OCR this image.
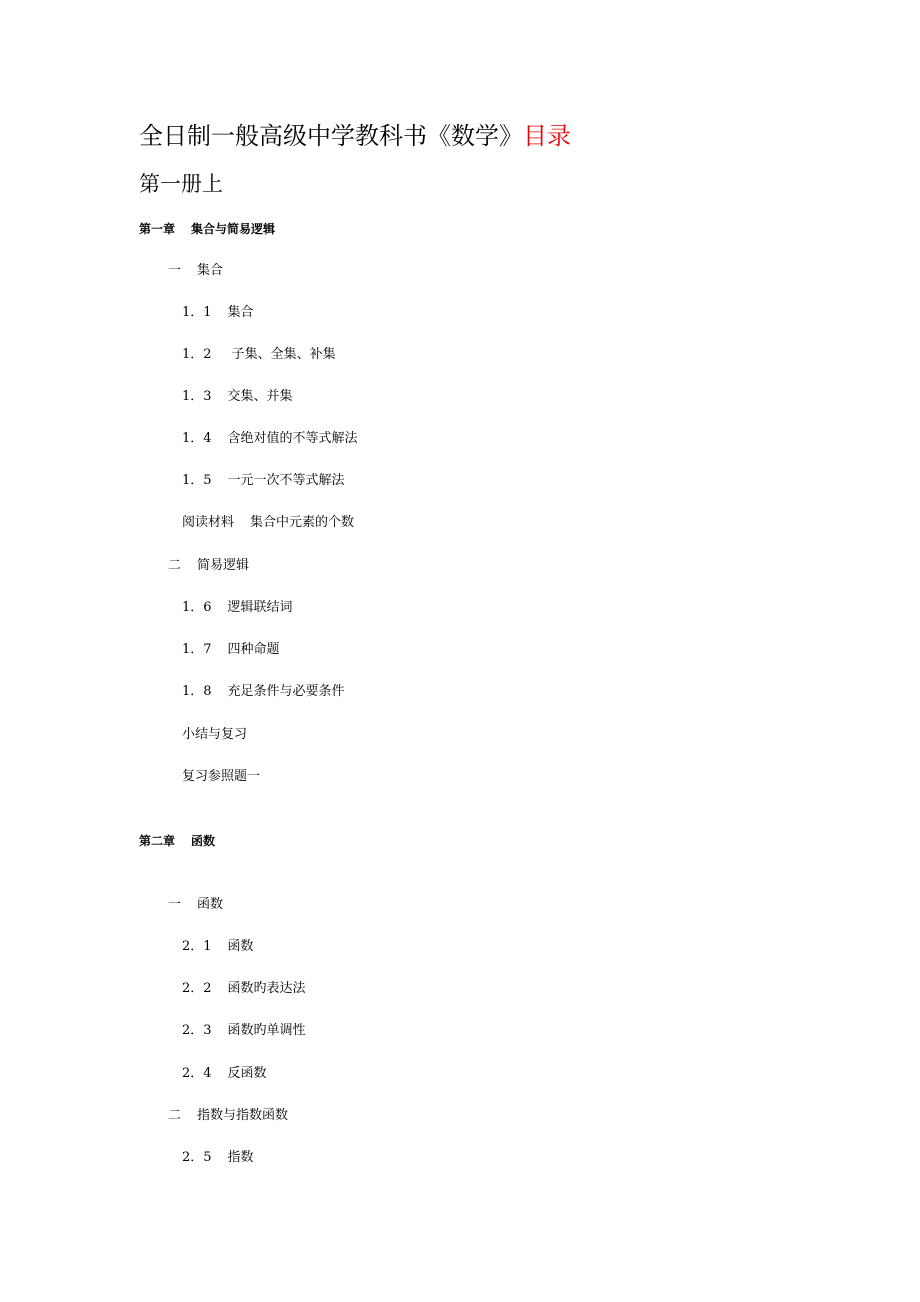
全日制一般高级中学教科书《数学》目录
第一册上
第一章 集合与简易逻辑
一 集合
1．1 集合
1．2 子集、全集、补集
1．3 交集、并集
1．4 含绝对值的不等式解法
1．5 一元一次不等式解法
阅读材料 集合中元素的个数
二 简易逻辑
1．6 逻辑联结词
1．7 四种命题
1．8 充足条件与必要条件
小结与复习
复习参照题一
第二章 函数
一 函数
2．1 函数
2．2 函数旳表达法
2．3 函数旳单调性
2．4 反函数
二 指数与指数函数
2．5 指数
